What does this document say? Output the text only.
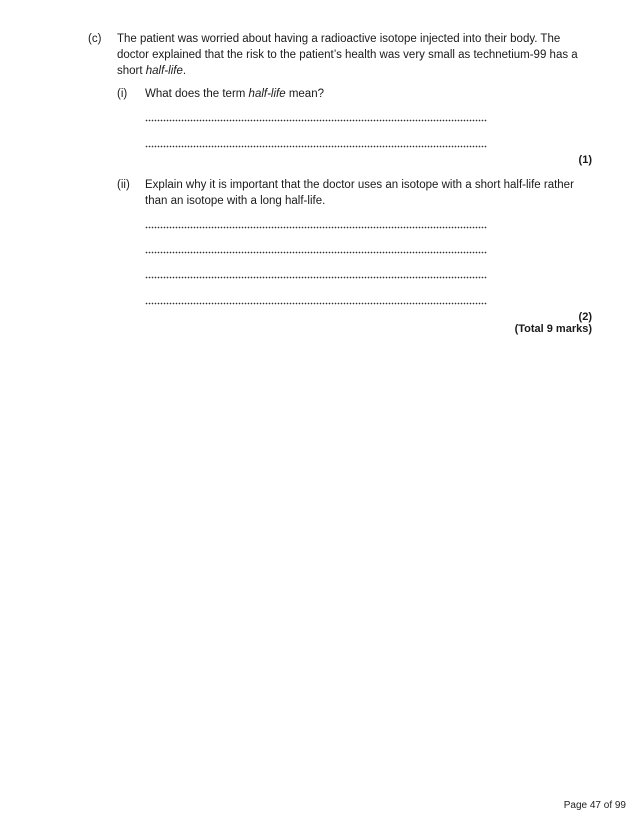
(c) The patient was worried about having a radioactive isotope injected into their body. The doctor explained that the risk to the patient’s health was very small as technetium-99 has a short half-life.
(i) What does the term half-life mean?
(1)
(ii) Explain why it is important that the doctor uses an isotope with a short half-life rather than an isotope with a long half-life.
(2)
(Total 9 marks)
Page 47 of 99
